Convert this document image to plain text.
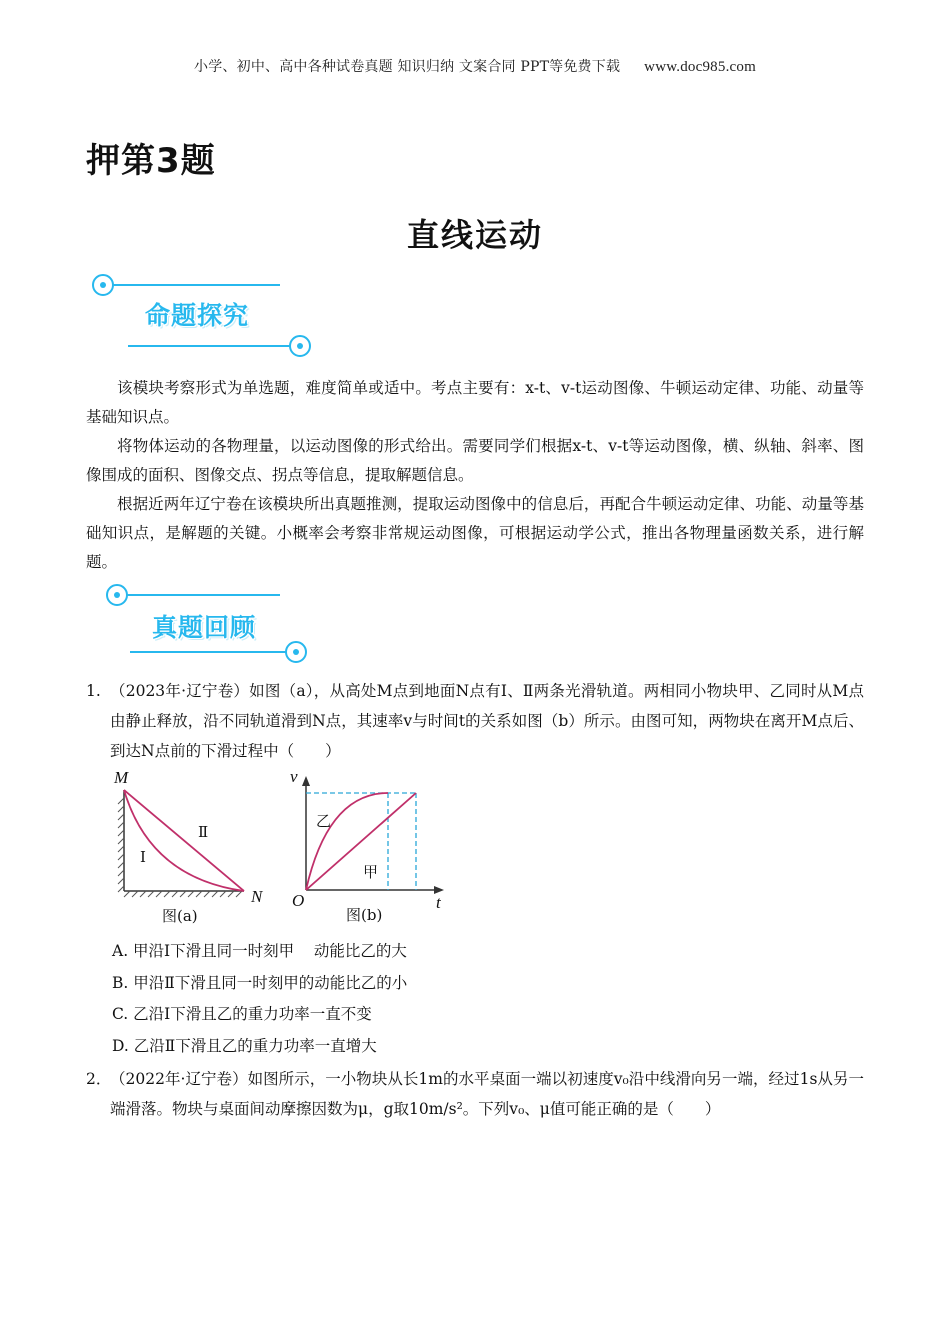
小学、初中、高中各种试卷真题 知识归纳 文案合同 PPT等免费下载 www.doc985.com
押第3题
直线运动
命题探究

该模块考察形式为单选题，难度简单或适中。考点主要有：x-t、v-t运动图像、牛顿运动定律、功能、动量等基础知识点。

将物体运动的各物理量，以运动图像的形式给出。需要同学们根据x-t、v-t等运动图像，横、纵轴、斜率、图像围成的面积、图像交点、拐点等信息，提取解题信息。

根据近两年辽宁卷在该模块所出真题推测，提取运动图像中的信息后，再配合牛顿运动定律、功能、动量等基础知识点，是解题的关键。小概率会考察非常规运动图像，可根据运动学公式，推出各物理量函数关系，进行解题。

真题回顾
1. （2023年·辽宁卷）如图（a），从高处M点到地面N点有Ⅰ、Ⅱ两条光滑轨道。两相同小物块甲、乙同时从M点由静止释放，沿不同轨道滑到N点，其速率v与时间t的关系如图（b）所示。由图可知，两物块在离开M点后、到达N点前的下滑过程中（　　）
M
N
Ⅰ
Ⅱ
图(a)
v
t
O
乙
甲
图(b)
A. 甲沿Ⅰ下滑且同一时刻甲    动能比乙的大
B. 甲沿Ⅱ下滑且同一时刻甲的动能比乙的小
C. 乙沿Ⅰ下滑且乙的重力功率一直不变
D. 乙沿Ⅱ下滑且乙的重力功率一直增大
2．
（2022年·辽宁卷）如图所示，一小物块从长1m的水平桌面一端以初速度v₀沿中线滑向另一端，经过1s从另一端滑落。物块与桌面间动摩擦因数为μ，g取10m/s²。下列v₀、μ值可能正确的是（　　）
